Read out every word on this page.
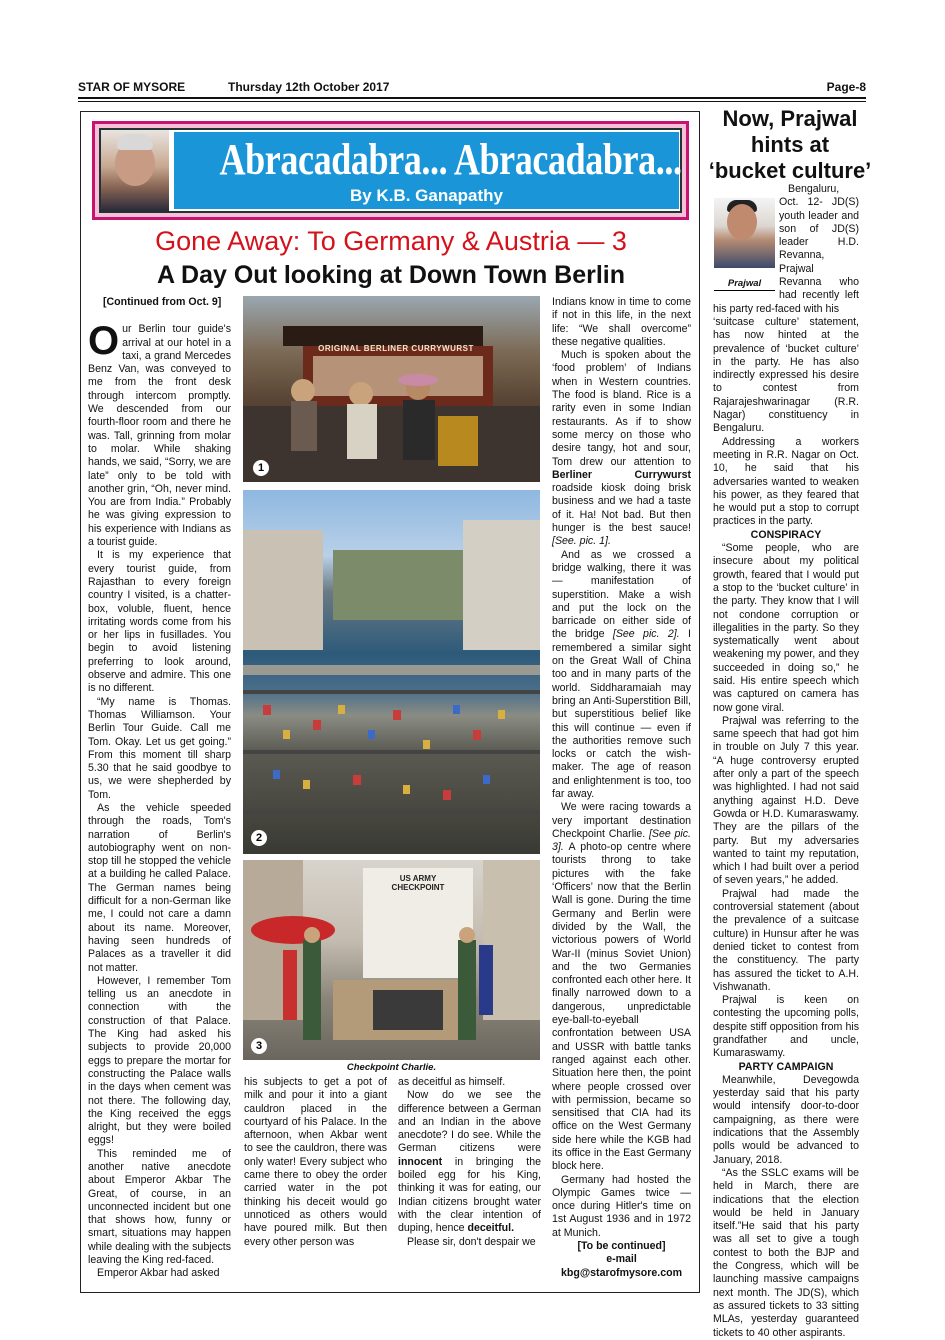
STAR OF MYSORE	Thursday 12th October 2017	Page-8
Abracadabra... Abracadabra...
By K.B. Ganapathy
Gone Away: To Germany & Austria — 3
A Day Out looking at Down Town Berlin

[Continued from Oct. 9]

Our Berlin tour guide's arrival at our hotel in a taxi, a grand Mercedes Benz Van, was conveyed to me from the front desk through intercom promptly. We descended from our fourth-floor room and there he was. Tall, grinning from molar to molar. While shaking hands, we said, “Sorry, we are late” only to be told with another grin, “Oh, never mind. You are from India.” Probably he was giving expression to his experience with Indians as a tourist guide.

It is my experience that every tourist guide, from Rajasthan to every foreign country I visited, is a chatter-box, voluble, fluent, hence irritating words come from his or her lips in fusillades. You begin to avoid listening preferring to look around, observe and admire. This one is no different.

“My name is Thomas. Thomas Williamson. Your Berlin Tour Guide. Call me Tom. Okay. Let us get going.” From this moment till sharp 5.30 that he said goodbye to us, we were shepherded by Tom.

As the vehicle speeded through the roads, Tom's narration of Berlin's autobiography went on non-stop till he stopped the vehicle at a building he called Palace. The German names being difficult for a non-German like me, I could not care a damn about its name. Moreover, having seen hundreds of Palaces as a traveller it did not matter.

However, I remember Tom telling us an anecdote in connection with the construction of that Palace. The King had asked his subjects to provide 20,000 eggs to prepare the mortar for constructing the Palace walls in the days when cement was not there. The following day, the King received the eggs alright, but they were boiled eggs!

This reminded me of another native anecdote about Emperor Akbar The Great, of course, in an unconnected incident but one that shows how, funny or smart, situations may happen while dealing with the subjects leaving the King red-faced.

Emperor Akbar had asked

ORIGINAL BERLINER CURRYWURST
1
2
US ARMY CHECKPOINT
3
Checkpoint Charlie.

his subjects to get a pot of milk and pour it into a giant cauldron placed in the courtyard of his Palace. In the afternoon, when Akbar went to see the cauldron, there was only water! Every subject who came there to obey the order carried water in the pot thinking his deceit would go unnoticed as others would have poured milk. But then every other person was

as deceitful as himself.

Now do we see the difference between a German and an Indian in the above anecdote? I do see. While the German citizens were innocent in bringing the boiled egg for his King, thinking it was for eating, our Indian citizens brought water with the clear intention of duping, hence deceitful.

Please sir, don't despair we

Indians know in time to come if not in this life, in the next life: “We shall overcome” these negative qualities.

Much is spoken about the ‘food problem’ of Indians when in Western countries. The food is bland. Rice is a rarity even in some Indian restaurants. As if to show some mercy on those who desire tangy, hot and sour, Tom drew our attention to Berliner Currywurst roadside kiosk doing brisk business and we had a taste of it. Ha! Not bad. But then hunger is the best sauce! [See. pic. 1].

And as we crossed a bridge walking, there it was — manifestation of superstition. Make a wish and put the lock on the barricade on either side of the bridge [See pic. 2]. I remembered a similar sight on the Great Wall of China too and in many parts of the world. Siddharamaiah may bring an Anti-Superstition Bill, but superstitious belief like this will continue — even if the authorities remove such locks or catch the wish-maker. The age of reason and enlightenment is too, too far away.

We were racing towards a very important destination Checkpoint Charlie. [See pic. 3]. A photo-op centre where tourists throng to take pictures with the fake ‘Officers’ now that the Berlin Wall is gone. During the time Germany and Berlin were divided by the Wall, the victorious powers of World War-II (minus Soviet Union) and the two Germanies confronted each other here. It finally narrowed down to a dangerous, unpredictable eye-ball-to-eyeball confrontation between USA and USSR with battle tanks ranged against each other. Situation here then, the point where people crossed over with permission, became so sensitised that CIA had its office on the West Germany side here while the KGB had its office in the East Germany block here.

Germany had hosted the Olympic Games twice — once during Hitler's time on 1st August 1936 and in 1972 at Munich.

[To be continued]

e-mail

kbg@starofmysore.com

Now, Prajwal
hints at
‘bucket culture’
Prajwal

Bengaluru, Oct. 12- JD(S) youth leader and son of JD(S) leader H.D. Revanna, Prajwal Revanna who had recently left his party red-faced with his

‘suitcase culture’ statement, has now hinted at the prevalence of ‘bucket culture’ in the party. He has also indirectly expressed his desire to contest from Rajarajeshwarinagar (R.R. Nagar) constituency in Bengaluru.

Addressing a workers meeting in R.R. Nagar on Oct. 10, he said that his adversaries wanted to weaken his power, as they feared that he would put a stop to corrupt practices in the party.

CONSPIRACY

“Some people, who are insecure about my political growth, feared that I would put a stop to the ‘bucket culture’ in the party. They know that I will not condone corruption or illegalities in the party. So they systematically went about weakening my power, and they succeeded in doing so,” he said. His entire speech which was captured on camera has now gone viral.

Prajwal was referring to the same speech that had got him in trouble on July 7 this year. “A huge controversy erupted after only a part of the speech was highlighted. I had not said anything against H.D. Deve Gowda or H.D. Kumaraswamy. They are the pillars of the party. But my adversaries wanted to taint my reputation, which I had built over a period of seven years,” he added.

Prajwal had made the controversial statement (about the prevalence of a suitcase culture) in Hunsur after he was denied ticket to contest from the constituency. The party has assured the ticket to A.H. Vishwanath.

Prajwal is keen on contesting the upcoming polls, despite stiff opposition from his grandfather and uncle, Kumaraswamy.

PARTY CAMPAIGN

Meanwhile, Devegowda yesterday said that his party would intensify door-to-door campaigning, as there were indications that the Assembly polls would be advanced to January, 2018.

“As the SSLC exams will be held in March, there are indications that the election would be held in January itself.”He said that his party was all set to give a tough contest to both the BJP and the Congress, which will be launching massive campaigns next month. The JD(S), which as assured tickets to 33 sitting MLAs, yesterday guaranteed tickets to 40 other aspirants.
